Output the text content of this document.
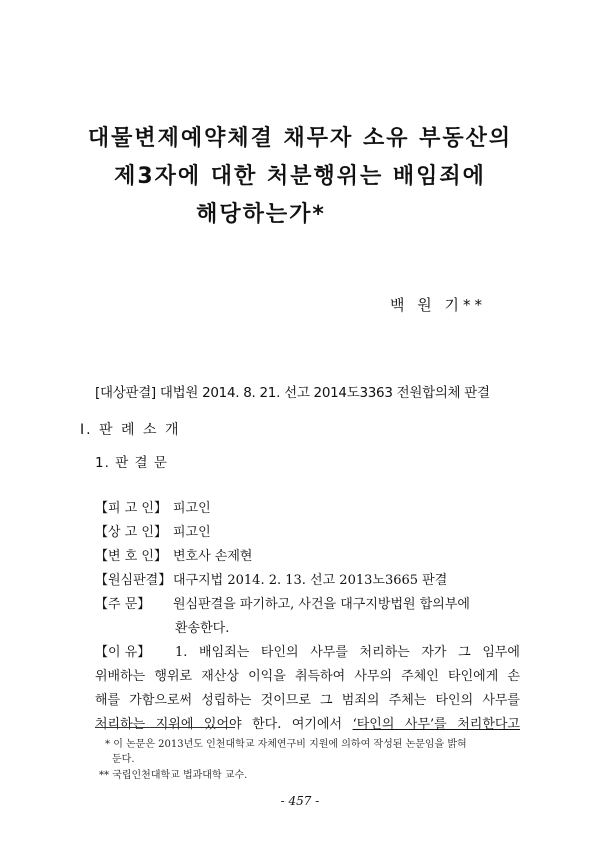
대물변제예약체결 채무자 소유 부동산의
제3자에 대한 처분행위는 배임죄에
해당하는가*
백 원 기**
[대상판결] 대법원 2014. 8. 21. 선고 2014도3363 전원합의체 판결
Ⅰ. 판 례 소 개
1. 판 결 문
【피 고 인】 피고인
【상 고 인】 피고인
【변 호 인】 변호사 손제현
【원심판결】 대구지법 2014. 2. 13. 선고 2013노3665 판결
【주 문】 원심판결을 파기하고, 사건을 대구지방법원 합의부에
환송한다.
【이 유】	1. 배임죄는 타인의 사무를 처리하는 자가 그 임무에
위배하는 행위로 재산상 이익을 취득하여 사무의 주체인 타인에게 손
해를 가함으로써 성립하는 것이므로 그 범죄의 주체는 타인의 사무를
처리하는 지위에 있어야 한다. 여기에서 ‘타인의 사무’를 처리한다고
* 이 논문은 2013년도 인천대학교 자체연구비 지원에 의하여 작성된 논문임을 밝혀
둔다.
** 국립인천대학교 법과대학 교수.
- 457 -
